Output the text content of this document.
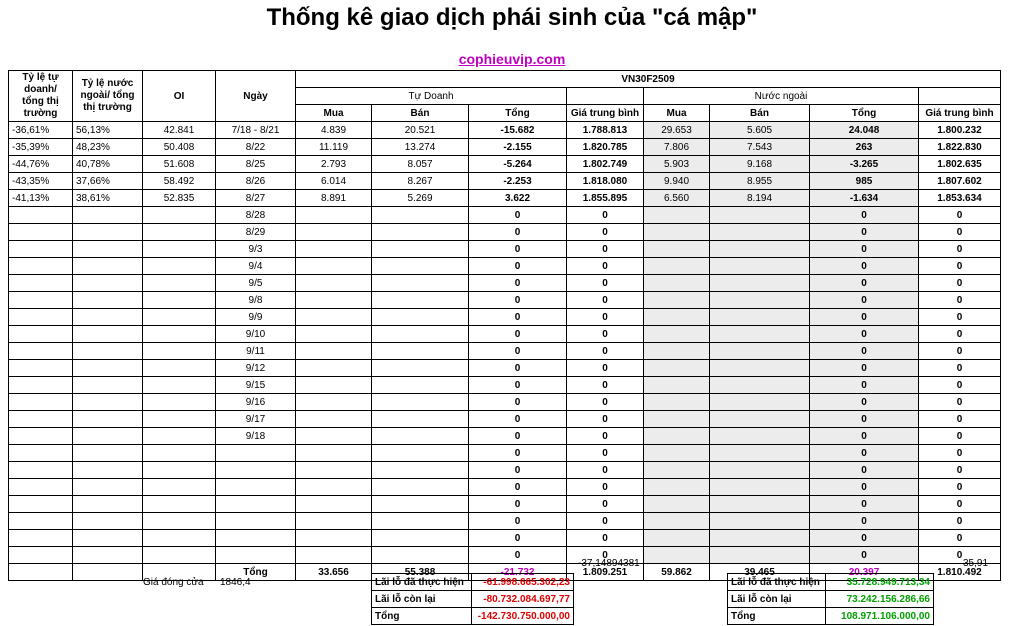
Thống kê giao dịch phái sinh của "cá mập"
cophieuvip.com
Tỷ lệ tự doanh/ tổng thị trường	Tỷ lệ nước ngoài/ tổng thị trường	OI	Ngày	VN30F2509								
				Tự Doanh				Nước ngoài				
				Mua	Bán	Tổng	Giá trung bình	Mua	Bán	Tổng	Giá trung bình	
-36,61%	56,13%	42.841	7/18 - 8/21	4.839	20.521	-15.682	1.788.813	29.653	5.605	24.048	1.800.232	
-35,39%	48,23%	50.408	8/22	11.119	13.274	-2.155	1.820.785	7.806	7.543	263	1.822.830	
-44,76%	40,78%	51.608	8/25	2.793	8.057	-5.264	1.802.749	5.903	9.168	-3.265	1.802.635	
-43,35%	37,66%	58.492	8/26	6.014	8.267	-2.253	1.818.080	9.940	8.955	985	1.807.602	
-41,13%	38,61%	52.835	8/27	8.891	5.269	3.622	1.855.895	6.560	8.194	-1.634	1.853.634	
			8/28			0	0			0	0	
			8/29			0	0			0	0	
			9/3			0	0			0	0	
			9/4			0	0			0	0	
			9/5			0	0			0	0	
			9/8			0	0			0	0	
			9/9			0	0			0	0	
			9/10			0	0			0	0	
			9/11			0	0			0	0	
			9/12			0	0			0	0	
			9/15			0	0			0	0	
			9/16			0	0			0	0	
			9/17			0	0			0	0	
			9/18			0	0			0	0	
						0	0			0	0	
						0	0			0	0	
						0	0			0	0	
						0	0			0	0	
						0	0			0	0	
						0	0			0	0	
						0	0			0	0	
			Tổng	33.656	55.388	-21.732	1.809.251	59.862	39.465	20.397	1.810.492	
-37,14894381	35,91
Giá đóng cửa 1846,4	Lãi lỗ đã thực hiện	-61.998.665.302,23
Lãi lỗ còn lại	-80.732.084.697,77
Tổng	-142.730.750.000,00
Lãi lỗ đã thực hiện	35.728.949.713,34
Lãi lỗ còn lại	73.242.156.286,66
Tổng	108.971.106.000,00
